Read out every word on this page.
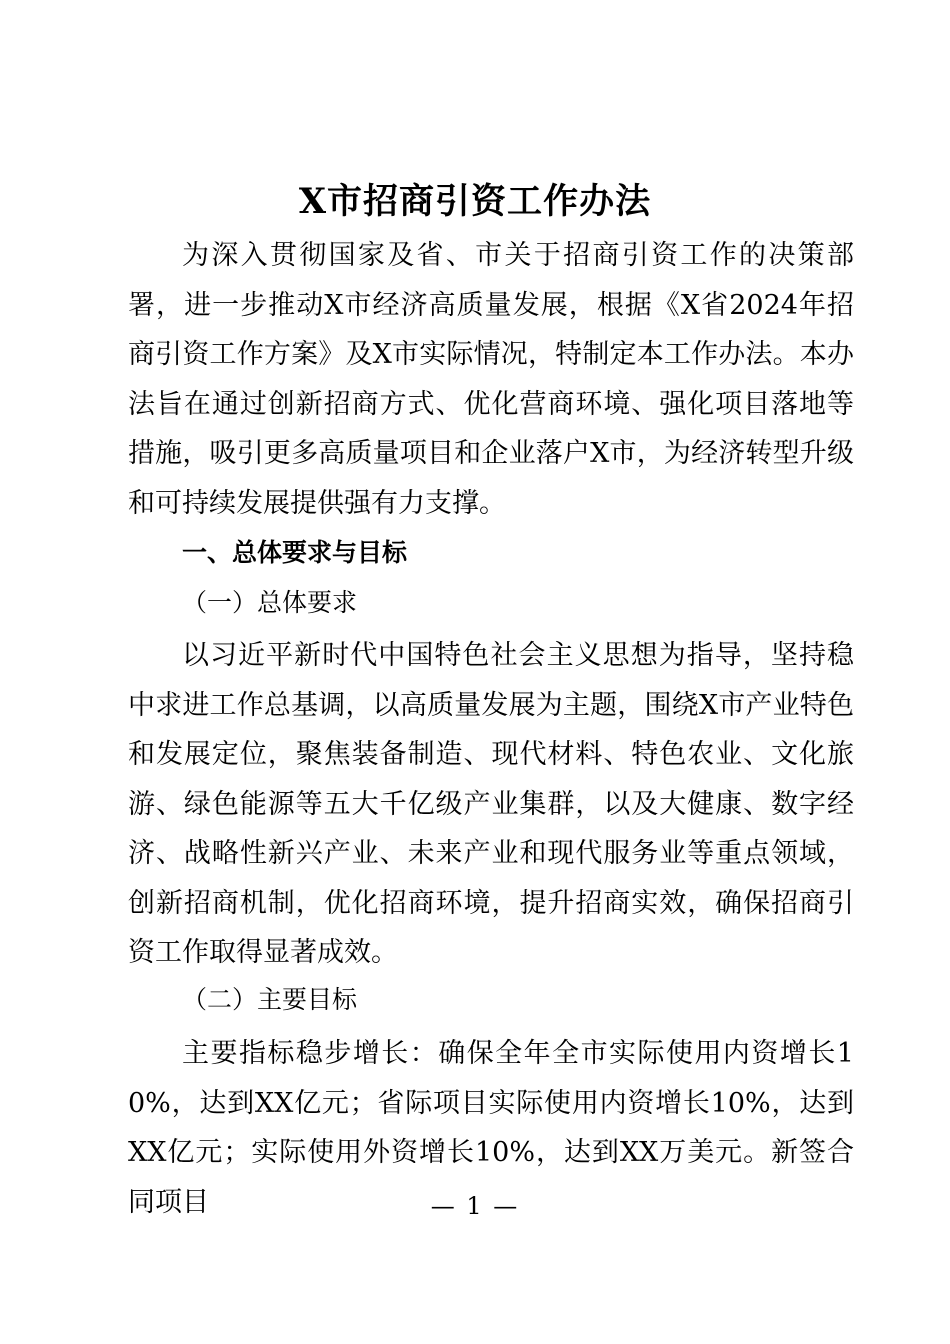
X市招商引资工作办法

为深入贯彻国家及省、市关于招商引资工作的决策部署，进一步推动X市经济高质量发展，根据《X省2024年招商引资工作方案》及X市实际情况，特制定本工作办法。本办法旨在通过创新招商方式、优化营商环境、强化项目落地等措施，吸引更多高质量项目和企业落户X市，为经济转型升级和可持续发展提供强有力支撑。

一、总体要求与目标

（一）总体要求

以习近平新时代中国特色社会主义思想为指导，坚持稳中求进工作总基调，以高质量发展为主题，围绕X市产业特色和发展定位，聚焦装备制造、现代材料、特色农业、文化旅游、绿色能源等五大千亿级产业集群，以及大健康、数字经济、战略性新兴产业、未来产业和现代服务业等重点领域，创新招商机制，优化招商环境，提升招商实效，确保招商引资工作取得显著成效。

（二）主要目标

主要指标稳步增长：确保全年全市实际使用内资增长10%，达到XX亿元；省际项目实际使用内资增长10%，达到XX亿元；实际使用外资增长10%，达到XX万美元。新签合同项目	— 1 —
